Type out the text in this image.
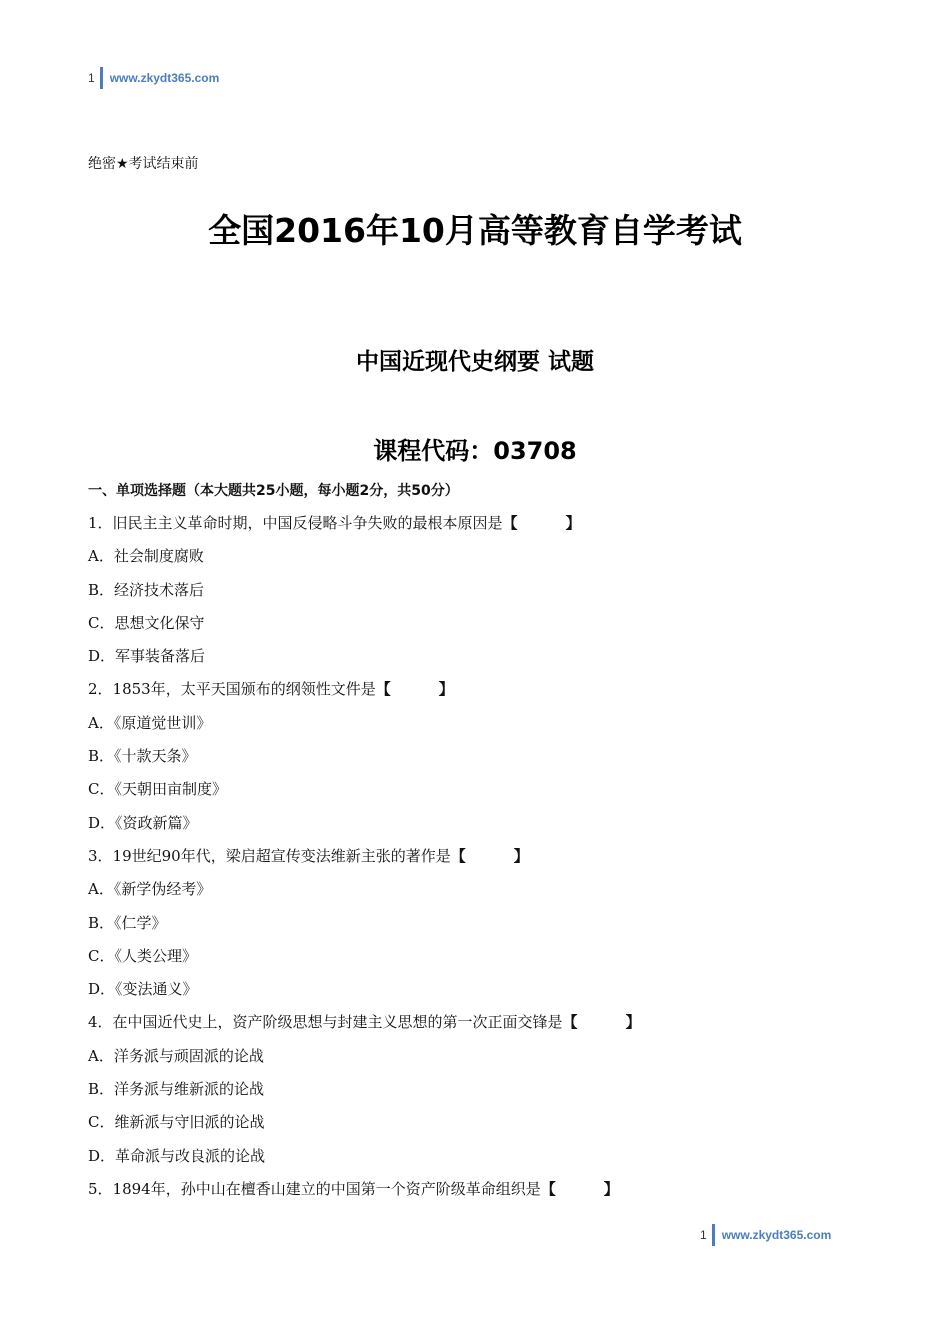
1 www.zkydt365.com
绝密★考试结束前
全国2016年10月高等教育自学考试
中国近现代史纲要 试题
课程代码：03708
一、单项选择题（本大题共25小题，每小题2分，共50分）
1．旧民主主义革命时期，中国反侵略斗争失败的最根本原因是【	】
A．社会制度腐败
B．经济技术落后
C．思想文化保守
D．军事装备落后
2．1853年，太平天国颁布的纲领性文件是【	】
A．《原道觉世训》
B．《十款天条》
C．《天朝田亩制度》
D．《资政新篇》
3．19世纪90年代，梁启超宣传变法维新主张的著作是【	】
A．《新学伪经考》
B．《仁学》
C．《人类公理》
D．《变法通义》
4．在中国近代史上，资产阶级思想与封建主义思想的第一次正面交锋是【	】
A．洋务派与顽固派的论战
B．洋务派与维新派的论战
C．维新派与守旧派的论战
D．革命派与改良派的论战
5．1894年，孙中山在檀香山建立的中国第一个资产阶级革命组织是【	】
1 www.zkydt365.com
